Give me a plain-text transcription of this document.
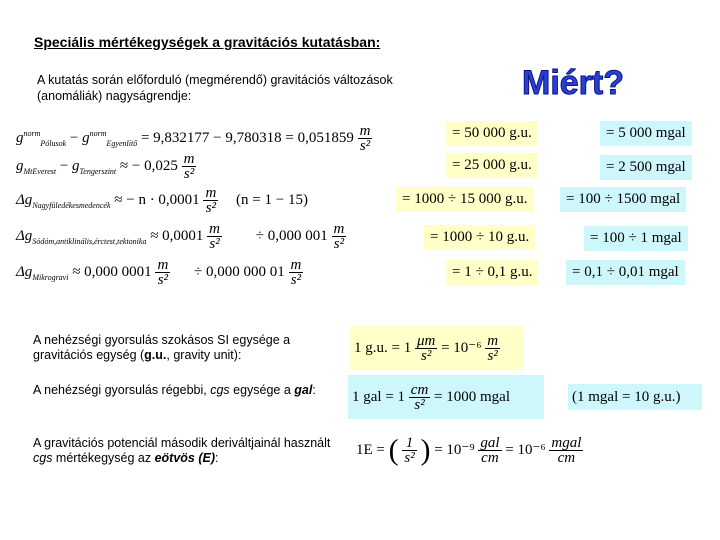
Speciális mértékegységek a gravitációs kutatásban:
A kutatás során előforduló (megmérendő) gravitációs változások (anomáliák) nagyságrendje:	Miért?
$g^{norm}_{Pólusok} - g^{norm}_{Egyenlítő} = 9,832177 - 9,780318 = 0,051859 \frac{m}{\text{s²}}$	= 50 000 g.u.	= 5 000 mgal
$g_{MtEverest} - g_{Tengerszint}$ ≈ − $0,025 \frac{m}{\text{s²}}$	= 25 000 g.u.	= 2 500 mgal
$\Delta g_{Nagyfüledékesmedencék}$ ≈ − $n \cdot 0,0001 \frac{m}{\text{s²}} (n = 1 - 15)$	= 1000 ÷ 15 000 g.u.	= 100 ÷ 1500 mgal
$\Delta g_{Sódóm,antiklinális,érctest,tektonika} \approx 0,0001 \frac{m}{\text{s²}} \div 0,000$ $001 \frac{m}{\text{s²}}$	= 1000 ÷ 10 g.u.	= 100 ÷ 1 mgal
$\Delta g_{Mikrogravi} \approx 0,000$ $0001 \frac{m}{\text{s²}} \div 0,000$ 000 $01 \frac{m}{\text{s²}}$	= 1 ÷ 0,1 g.u.	= 0,1 ÷ 0,01 mgal
A nehézségi gyorsulás szokásos SI egysége a gravitációs egység (g.u., gravity unit):
A nehézségi gyorsulás régebbi, cgs egysége a gal:
A gravitációs potenciál második deriváltjainál használt cgs mértékegység az eötvös (E):
1 g.u. = $1 \frac{\mu m}{\text{s²}} = 10^{-6} \frac{m}{\text{s²}}$
1 gal = $1 \frac{cm}{\text{s²}} = 1000$ mgal	(1 mgal = 10 g.u.)
1E = ( $\frac{1}{\text{s²}}$ ) = $10^{-9} \frac{\text{gal}}{cm} = 10^{-6} \frac{\text{mgal}}{cm}$
